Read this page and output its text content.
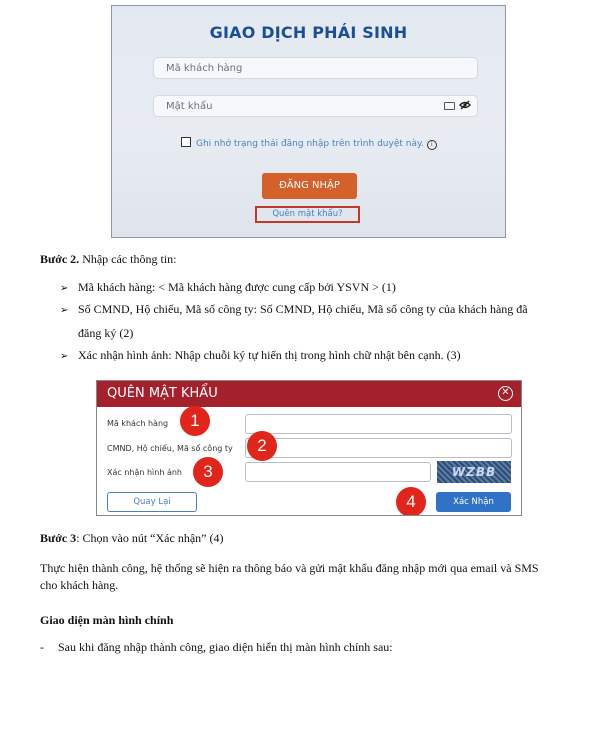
GIAO DỊCH PHÁI SINH
Mã khách hàng
Mật khẩu
Ghi nhớ trạng thái đăng nhập trên trình duyệt này. i
ĐĂNG NHẬP
Quên mật khẩu?
Bước 2. Nhập các thông tin:
➢ Mã khách hàng: < Mã khách hàng được cung cấp bởi YSVN > (1)
➢ Số CMND, Hộ chiếu, Mã số công ty: Số CMND, Hộ chiếu, Mã số công ty của khách hàng đã
đăng ký (2)
➢ Xác nhận hình ảnh: Nhập chuỗi ký tự hiển thị trong hình chữ nhật bên cạnh. (3)
QUÊN MẬT KHẨU	✕
Mã khách hàng	1
CMND, Hộ chiếu, Mã số công ty	2
Xác nhận hình ảnh	3	WZBB
Quay Lại	4	Xác Nhận
Bước 3: Chọn vào nút “Xác nhận” (4)
Thực hiện thành công, hệ thống sẽ hiện ra thông báo và gửi mật khẩu đăng nhập mới qua email và SMS
cho khách hàng.
Giao diện màn hình chính
- Sau khi đăng nhập thành công, giao diện hiển thị màn hình chính sau:
